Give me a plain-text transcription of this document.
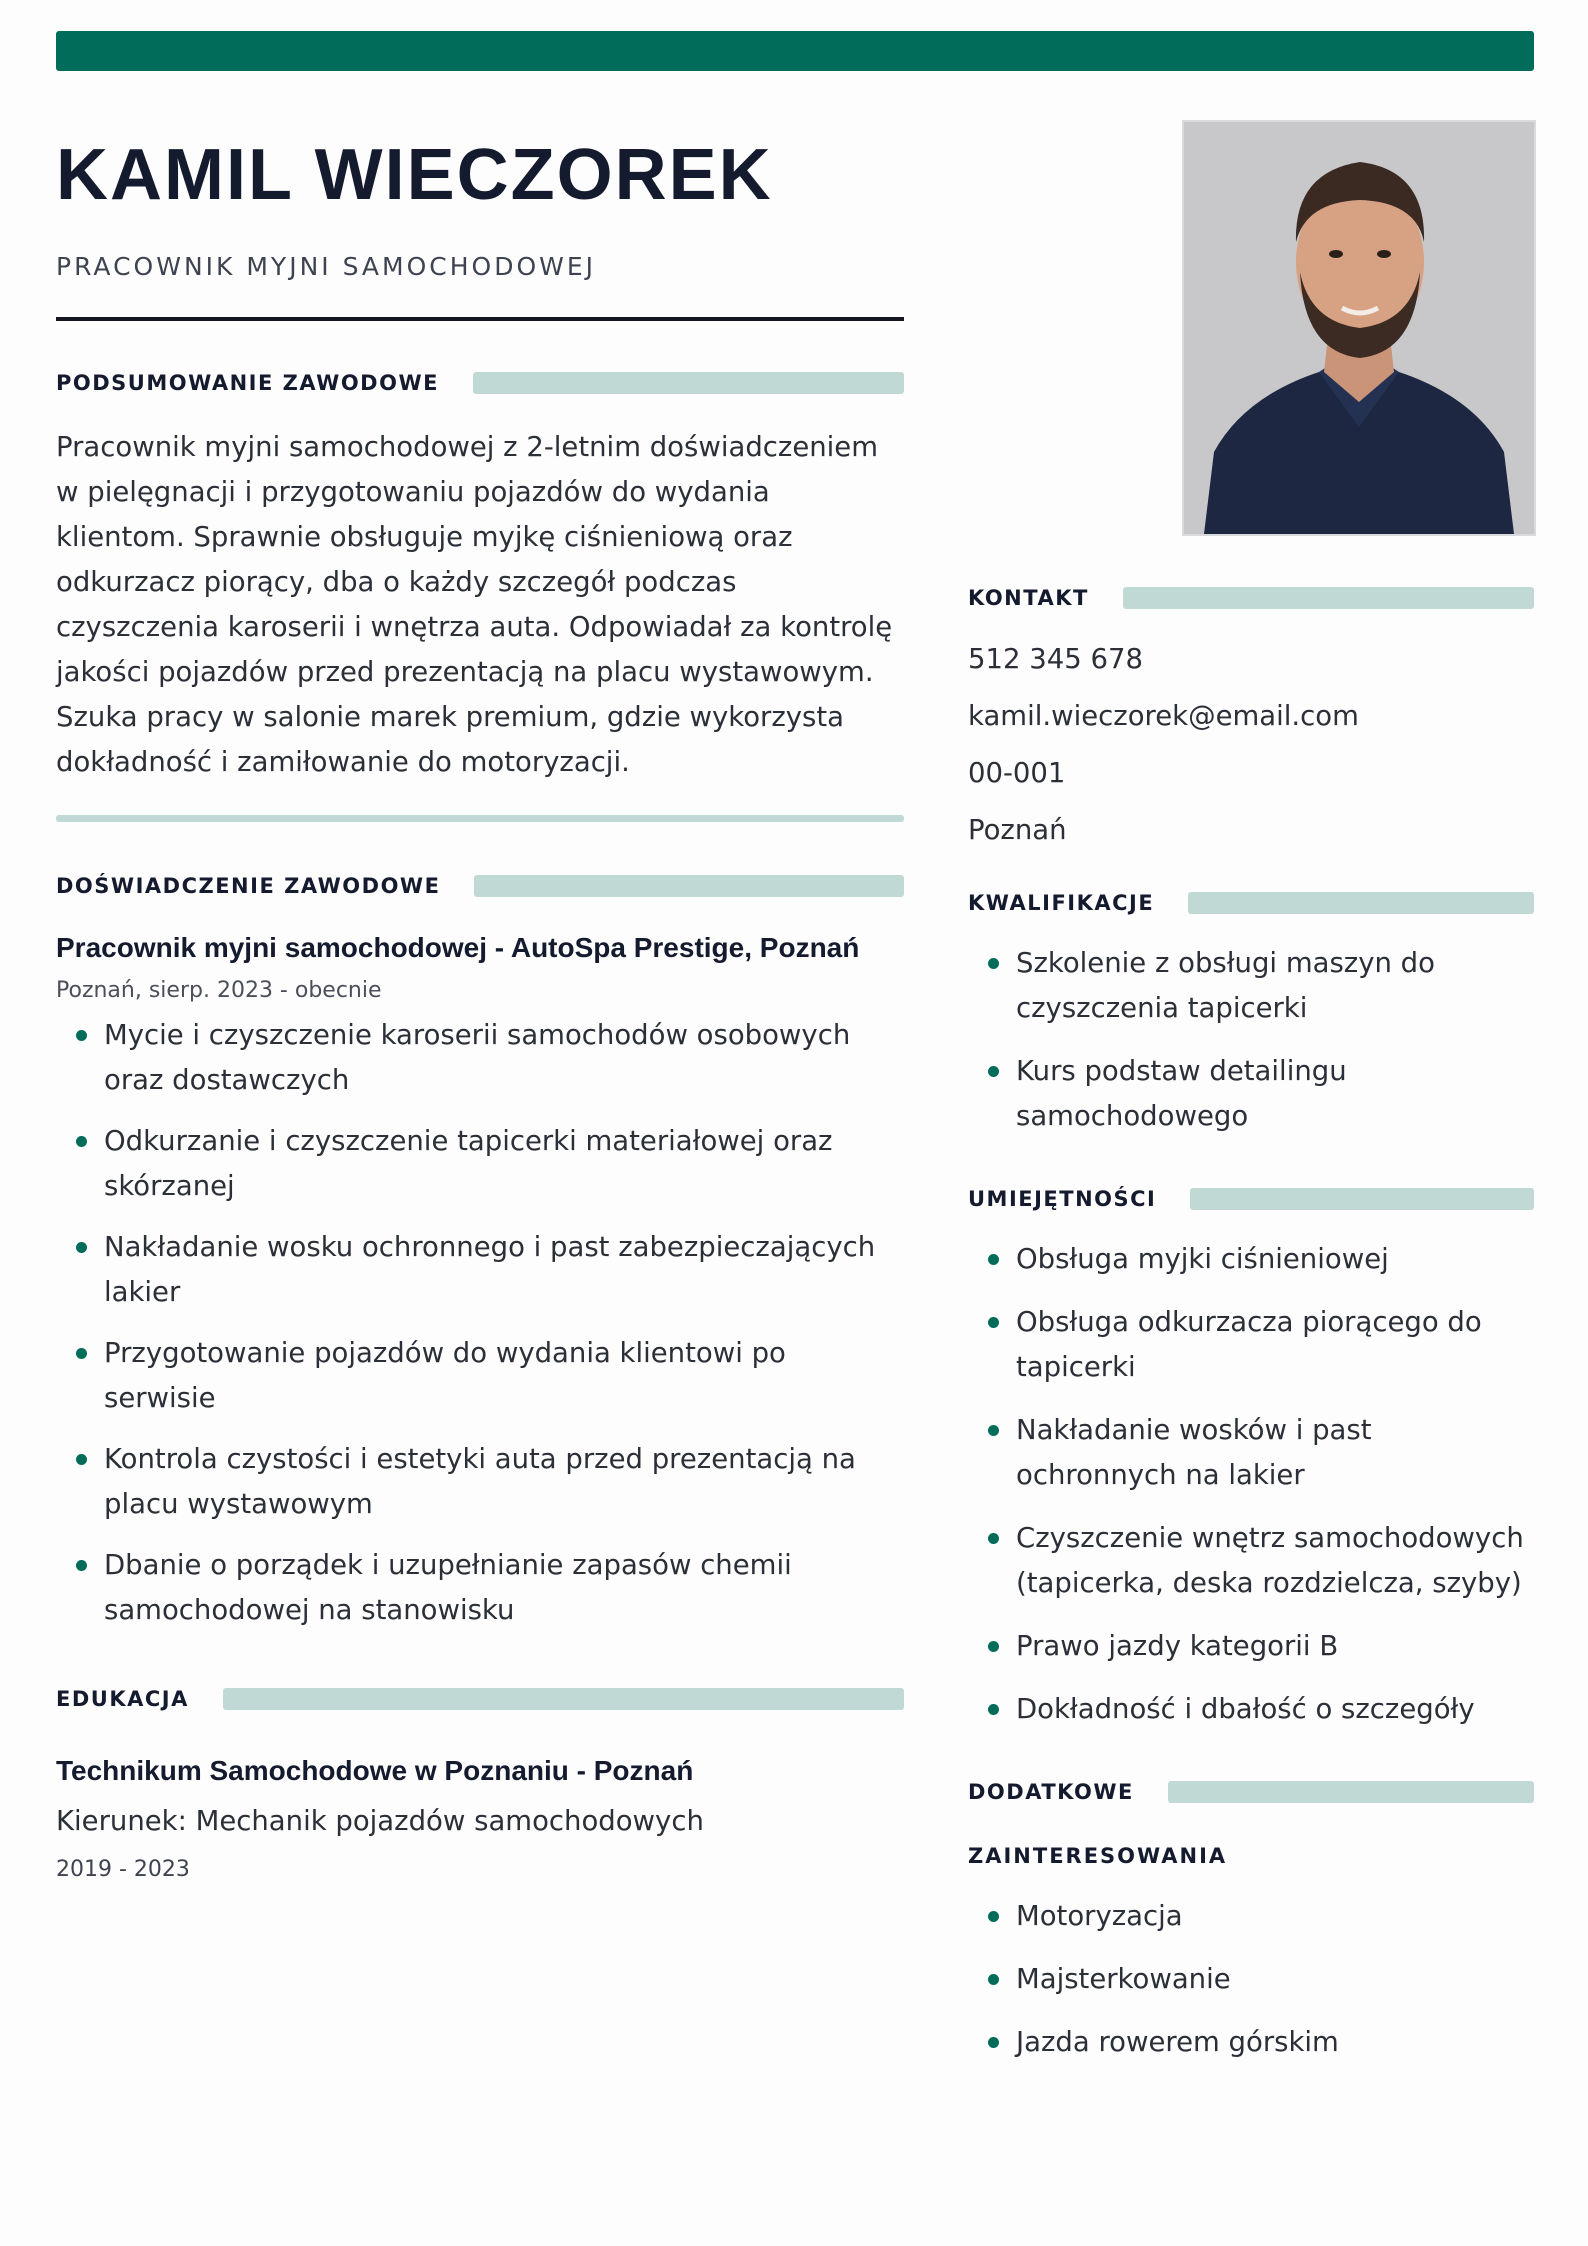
KAMIL WIECZOREK
PRACOWNIK MYJNI SAMOCHODOWEJ
PODSUMOWANIE ZAWODOWE
Pracownik myjni samochodowej z 2-letnim doświadczeniem w pielęgnacji i przygotowaniu pojazdów do wydania klientom. Sprawnie obsługuje myjkę ciśnieniową oraz odkurzacz piorący, dba o każdy szczegół podczas czyszczenia karoserii i wnętrza auta. Odpowiadał za kontrolę jakości pojazdów przed prezentacją na placu wystawowym. Szuka pracy w salonie marek premium, gdzie wykorzysta dokładność i zamiłowanie do motoryzacji.
DOŚWIADCZENIE ZAWODOWE
Pracownik myjni samochodowej - AutoSpa Prestige, Poznań
Poznań, sierp. 2023 - obecnie
Mycie i czyszczenie karoserii samochodów osobowych oraz dostawczych
Odkurzanie i czyszczenie tapicerki materiałowej oraz skórzanej
Nakładanie wosku ochronnego i past zabezpieczających lakier
Przygotowanie pojazdów do wydania klientowi po serwisie
Kontrola czystości i estetyki auta przed prezentacją na placu wystawowym
Dbanie o porządek i uzupełnianie zapasów chemii samochodowej na stanowisku
EDUKACJA
Technikum Samochodowe w Poznaniu - Poznań
Kierunek: Mechanik pojazdów samochodowych
2019 - 2023
KONTAKT
512 345 678
kamil.wieczorek@email.com
00-001
Poznań
KWALIFIKACJE
Szkolenie z obsługi maszyn do czyszczenia tapicerki
Kurs podstaw detailingu samochodowego
UMIEJĘTNOŚCI
Obsługa myjki ciśnieniowej
Obsługa odkurzacza piorącego do tapicerki
Nakładanie wosków i past ochronnych na lakier
Czyszczenie wnętrz samochodowych (tapicerka, deska rozdzielcza, szyby)
Prawo jazdy kategorii B
Dokładność i dbałość o szczegóły
DODATKOWE
ZAINTERESOWANIA
Motoryzacja
Majsterkowanie
Jazda rowerem górskim
